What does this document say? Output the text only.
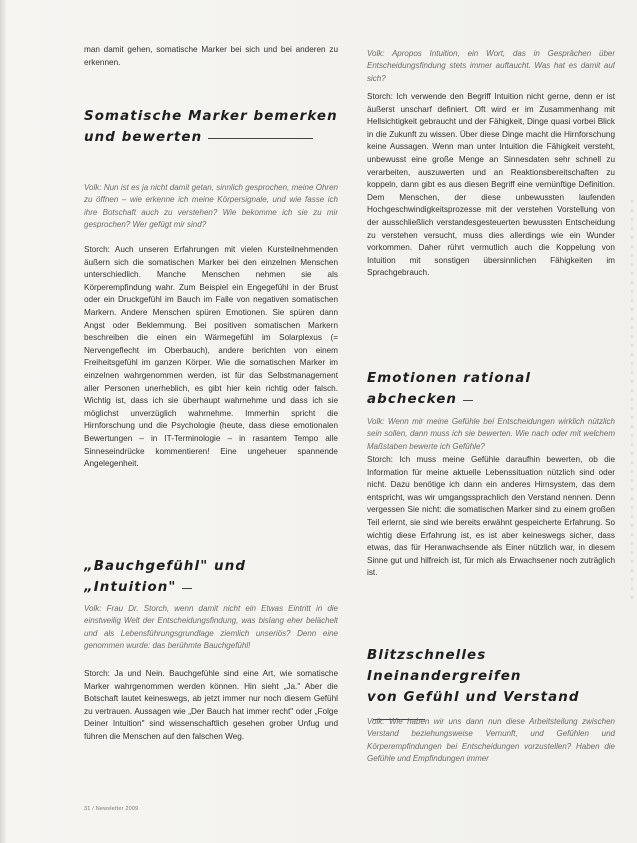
man damit gehen, somatische Marker bei sich und bei anderen zu erkennen.

Somatische Marker bemerken

und bewerten

Volk: Nun ist es ja nicht damit getan, sinnlich gesprochen, meine Ohren zu öffnen – wie erkenne ich meine Körpersignale, und wie fasse ich ihre Botschaft auch zu verstehen? Wie bekomme ich sie zu mir gesprochen? Wer gefügt mir sind?

Storch: Auch unseren Erfahrungen mit vielen Kursteilnehmenden äußern sich die somatischen Marker bei den einzelnen Menschen unterschiedlich. Manche Menschen nehmen sie als Körperempfindung wahr. Zum Beispiel ein Engegefühl in der Brust oder ein Druckgefühl im Bauch im Falle von negativen somatischen Markern. Andere Menschen spüren Emotionen. Sie spüren dann Angst oder Beklemmung. Bei positiven somatischen Markern beschreiben die einen ein Wärmegefühl im Solarplexus (= Nervengeflecht im Oberbauch), andere berichten von einem Freiheitsgefühl im ganzen Körper. Wie die somatischen Marker im einzelnen wahrgenommen werden, ist für das Selbstmanagement aller Personen unerheblich, es gibt hier kein richtig oder falsch. Wichtig ist, dass ich sie überhaupt wahrnehme und dass ich sie möglichst unverzüglich wahrnehme. Immerhin spricht die Hirnforschung und die Psychologie (heute, dass diese emotionalen Bewertungen – in IT-Terminologie – in rasantem Tempo alle Sinneseindrücke kommentieren! Eine ungeheuer spannende Angelegenheit.

„Bauchgefühl" und „Intuition"

Volk: Frau Dr. Storch, wenn damit nicht ein Etwas Eintritt in die einstweilig Welt der Entscheidungsfindung, was bislang eher belächelt und als Lebensführungsgrundlage ziemlich unseriös? Denn eine genommen wurde: das berühmte Bauchgefühl!

Storch: Ja und Nein. Bauchgefühle sind eine Art, wie somatische Marker wahrgenommen werden können. Hin sieht „Ja." Aber die Botschaft lautet keineswegs, ab jetzt immer nur noch diesem Gefühl zu vertrauen. Aussagen wie „Der Bauch hat immer recht" oder „Folge Deiner Intuition" sind wissenschaftlich gesehen grober Unfug und führen die Menschen auf den falschen Weg.

Volk: Apropos Intuition, ein Wort, das in Gesprächen über Entscheidungsfindung stets immer auftaucht. Was hat es damit auf sich?

Storch: Ich verwende den Begriff Intuition nicht gerne, denn er ist äußerst unscharf definiert. Oft wird er im Zusammenhang mit Hellsichtigkeit gebraucht und der Fähigkeit, Dinge quasi vorbei Blick in die Zukunft zu wissen. Über diese Dinge macht die Hirnforschung keine Aussagen. Wenn man unter Intuition die Fähigkeit versteht, unbewusst eine große Menge an Sinnesdaten sehr schnell zu verarbeiten, auszuwerten und an Reaktionsbereitschaften zu koppeln, dann gibt es aus diesen Begriff eine vernünftige Definition. Dem Menschen, der diese unbewussten laufenden Hochgeschwindigkeitsprozesse mit der verstehen Vorstellung von der ausschließlich verstandesgesteuerten bewussten Entscheidung zu verstehen versucht, muss dies allerdings wie ein Wunder vorkommen. Daher rührt vermutlich auch die Koppelung von Intuition mit sonstigen übersinnlichen Fähigkeiten im Sprachgebrauch.

Emotionen rational abchecken

Volk: Wenn mir meine Gefühle bei Entscheidungen wirklich nützlich sein sollen, dann muss ich sie bewerten. Wie nach oder mit welchem Maßstaben bewerte ich Gefühle?

Storch: Ich muss meine Gefühle daraufhin bewerten, ob die Information für meine aktuelle Lebenssituation nützlich sind oder nicht. Dazu benötige ich dann ein anderes Hirnsystem, das dem entspricht, was wir umgangssprachlich den Verstand nennen. Denn vergessen Sie nicht: die somatischen Marker sind zu einem großen Teil erlernt, sie sind wie bereits erwähnt gespeicherte Erfahrung. So wichtig diese Erfahrung ist, es ist aber keineswegs sicher, dass etwas, das für Heranwachsende als Einer nützlich war, in diesem Sinne gut und hilfreich ist, für mich als Erwachsener noch zuträglich ist.

Blitzschnelles Ineinandergreifen

von Gefühl und Verstand

Volk: Wie haben wir uns dann nun diese Arbeitsteilung zwischen Verstand beziehungsweise Vernunft, und Gefühlen und Körperempfindungen bei Entscheidungen vorzustellen? Haben die Gefühle und Empfindungen immer

31 / Newsletter 2009
